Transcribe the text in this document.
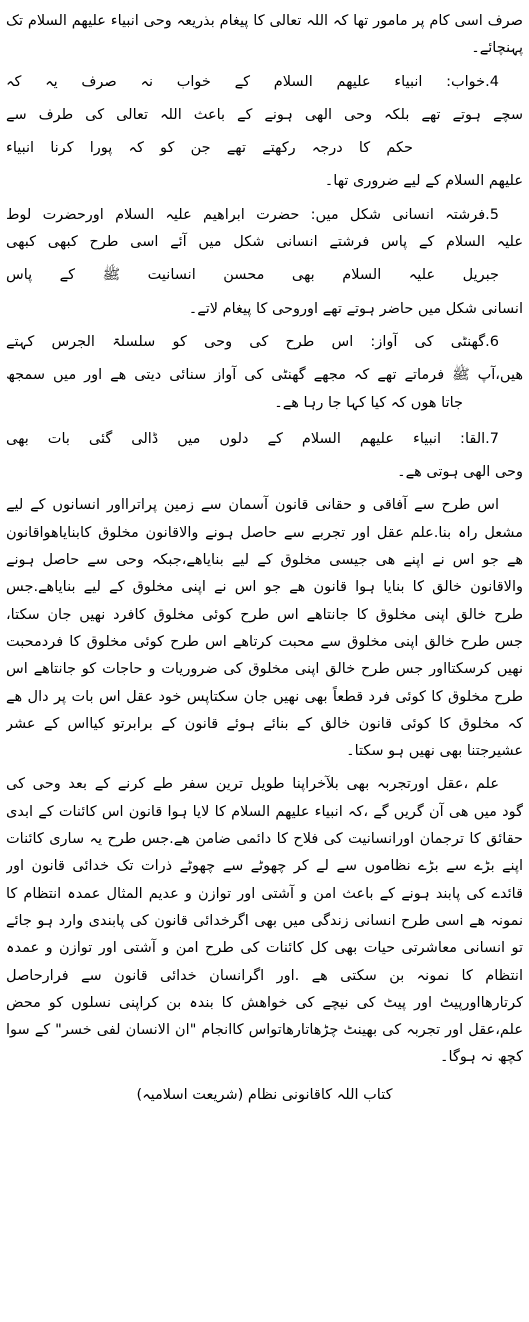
صرف اسی کام پر مامور تھا کہ اللہ تعالی کا پیغام بذریعہ وحی انبیاء علیھم السلام تک
پہنچائے۔
4.خواب: انبیاء علیھم السلام کے خواب نہ صرف یہ کہ
سچے ہوتے تھے بلکہ وحی الھی ہونے کے باعث اللہ تعالی کی طرف سے
حکم کا درجہ رکھتے تھے جن کو کہ پورا کرنا انبیاء
علیھم السلام کے لیے ضروری تھا۔
5.فرشتہ انسانی شکل میں: حضرت ابراھیم علیہ السلام اورحضرت لوط
علیہ السلام کے پاس فرشتے انسانی شکل میں آئے اسی طرح کبھی کبھی
جبریل علیہ السلام بھی محسن انسانیت ﷺ کے پاس
انسانی شکل میں حاضر ہوتے تھے اوروحی کا پیغام لاتے۔
6.گھنٹی کی آواز: اس طرح کی وحی کو سلسلۃ الجرس کہتے
ھیں،آپ ﷺ فرماتے تھے کہ مجھے گھنٹی کی آواز سنائی دیتی ھے اور میں سمجھ
جاتا ھوں کہ کیا کہا جا رہا ھے۔
7.القا: انبیاء علیھم السلام کے دلوں میں ڈالی گئی بات بھی
وحی الھی ہوتی ھے۔
اس طرح سے آفاقی و حقانی قانون آسمان سے زمین پراترااور انسانوں کے لیے
مشعل راہ بنا.علم عقل اور تجربے سے حاصل ہونے والاقانون مخلوق کابنایاھواقانون
ھے جو اس نے اپنے ھی جیسی مخلوق کے لیے بنایاھے،جبکہ وحی سے حاصل ہونے
والاقانون خالق کا بنایا ہوا قانون ھے جو اس نے اپنی مخلوق کے لیے بنایاھے.جس
طرح خالق اپنی مخلوق کا جانتاھے اس طرح کوئی مخلوق کافرد نھیں جان سکتا،
جس طرح خالق اپنی مخلوق سے محبت کرتاھے اس طرح کوئی مخلوق کا فردمحبت
نھیں کرسکتااور جس طرح خالق اپنی مخلوق کی ضروریات و حاجات کو جانتاھے اس
طرح مخلوق کا کوئی فرد قطعاً بھی نھیں جان سکتاپس خود عقل اس بات پر دال ھے
کہ مخلوق کا کوئی قانون خالق کے بنائے ہوئے قانون کے برابرتو کیااس کے عشر
عشیرجتنا بھی نھیں ہو سکتا۔
علم ،عقل اورتجربہ بھی بلآخراپنا طویل ترین سفر طے کرنے کے بعد وحی کی
گود میں ھی آن گریں گے ،کہ انبیاء علیھم السلام کا لایا ہوا قانون اس کائنات کے ابدی
حقائق کا ترجمان اورانسانیت کی فلاح کا دائمی ضامن ھے.جس طرح یہ ساری کائنات
اپنے بڑے سے بڑے نظاموں سے لے کر چھوٹے سے چھوٹے ذرات تک خدائی قانون اور
قائدے کی پابند ہونے کے باعث امن و آشتی اور توازن و عدیم المثال عمدہ انتظام کا
نمونہ ھے اسی طرح انسانی زندگی میں بھی اگرخدائی قانون کی پابندی وارد ہو جائے
تو انسانی معاشرتی حیات بھی کل کائنات کی طرح امن و آشتی اور توازن و عمدہ
انتظام کا نمونہ بن سکتی ھے .اور اگرانسان خدائی قانون سے فرارحاصل
کرتارھااورپیٹ اور پیٹ کی نیچے کی خواھش کا بندہ بن کراپنی نسلوں کو محض
علم،عقل اور تجربہ کی بھینٹ چڑھاتارھاتواس کاانجام "ان الانسان لفی خسر" کے سوا
کچھ نہ ہوگا۔
کتاب اللہ کاقانونی نظام (شریعت اسلامیہ)
